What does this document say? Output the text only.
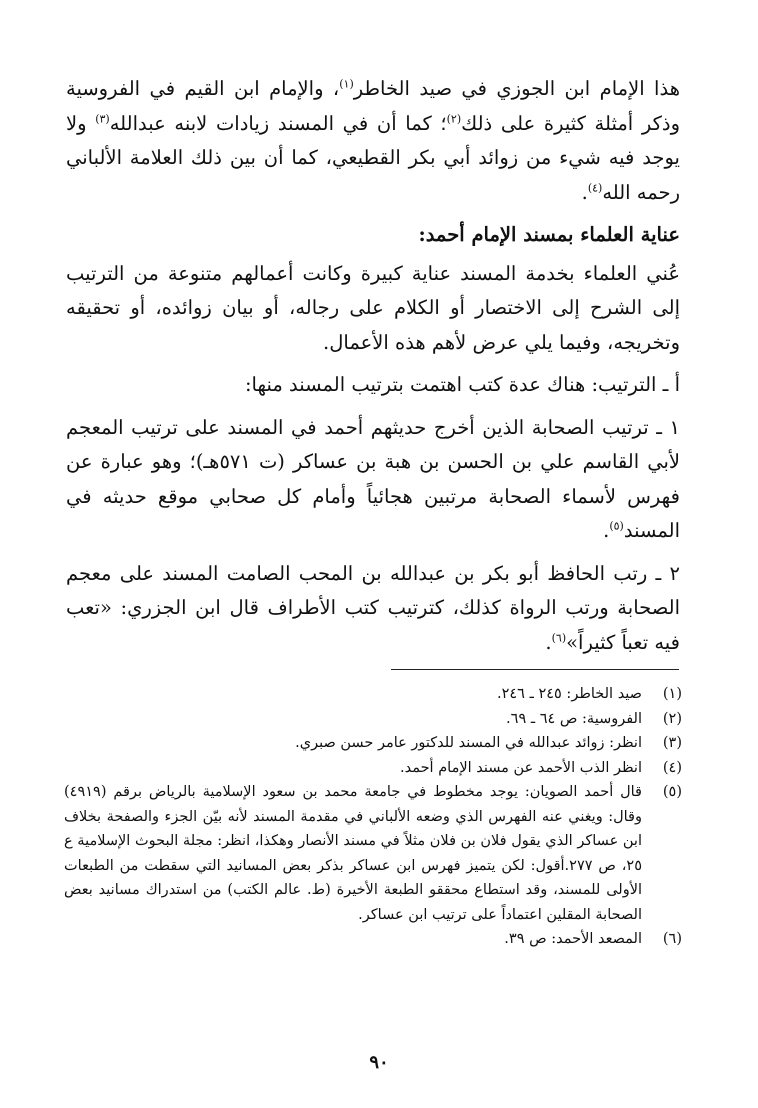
هذا الإمام ابن الجوزي في صيد الخاطر$^{(١)}$، والإمام ابن القيم في الفروسية وذكر أمثلة كثيرة على ذلك$^{(٢)}$؛ كما أن في المسند زيادات لابنه عبدالله$^{(٣)}$ ولا يوجد فيه شيء من زوائد أبي بكر القطيعي، كما أن بين ذلك العلامة الألباني رحمه الله$^{(٤)}$.

عناية العلماء بمسند الإمام أحمد:

عُني العلماء بخدمة المسند عناية كبيرة وكانت أعمالهم متنوعة من الترتيب إلى الشرح إلى الاختصار أو الكلام على رجاله، أو بيان زوائده، أو تحقيقه وتخريجه، وفيما يلي عرض لأهم هذه الأعمال.

أ ـ الترتيب: هناك عدة كتب اهتمت بترتيب المسند منها:

١ ـ ترتيب الصحابة الذين أخرج حديثهم أحمد في المسند على ترتيب المعجم لأبي القاسم علي بن الحسن بن هبة بن عساكر (ت ٥٧١هـ)؛ وهو عبارة عن فهرس لأسماء الصحابة مرتبين هجائياً وأمام كل صحابي موقع حديثه في المسند$^{(٥)}$.

٢ ـ رتب الحافظ أبو بكر بن عبدالله بن المحب الصامت المسند على معجم الصحابة ورتب الرواة كذلك، كترتيب كتب الأطراف قال ابن الجزري: «تعب فيه تعباً كثيراً»$^{(٦)}$.

(١)
صيد الخاطر: ٢٤٥ ـ ٢٤٦.
(٢)
الفروسية: ص ٦٤ ـ ٦٩.
(٣)
انظر: زوائد عبدالله في المسند للدكتور عامر حسن صبري.
(٤)
انظر الذب الأحمد عن مسند الإمام أحمد.
(٥)
قال أحمد الصويان: يوجد مخطوط في جامعة محمد بن سعود الإسلامية بالرياض برقم (٤٩١٩) وقال: ويغني عنه الفهرس الذي وضعه الألباني في مقدمة المسند لأنه بيّن الجزء والصفحة بخلاف ابن عساكر الذي يقول فلان بن فلان مثلاً في مسند الأنصار وهكذا، انظر: مجلة البحوث الإسلامية ع ٢٥، ص ٢٧٧.أقول: لكن يتميز فهرس ابن عساكر بذكر بعض المسانيد التي سقطت من الطبعات الأولى للمسند، وقد استطاع محققو الطبعة الأخيرة (ط. عالم الكتب) من استدراك مسانيد بعض الصحابة المقلين اعتماداً على ترتيب ابن عساكر.
(٦)
المصعد الأحمد: ص ٣٩.
٩٠
